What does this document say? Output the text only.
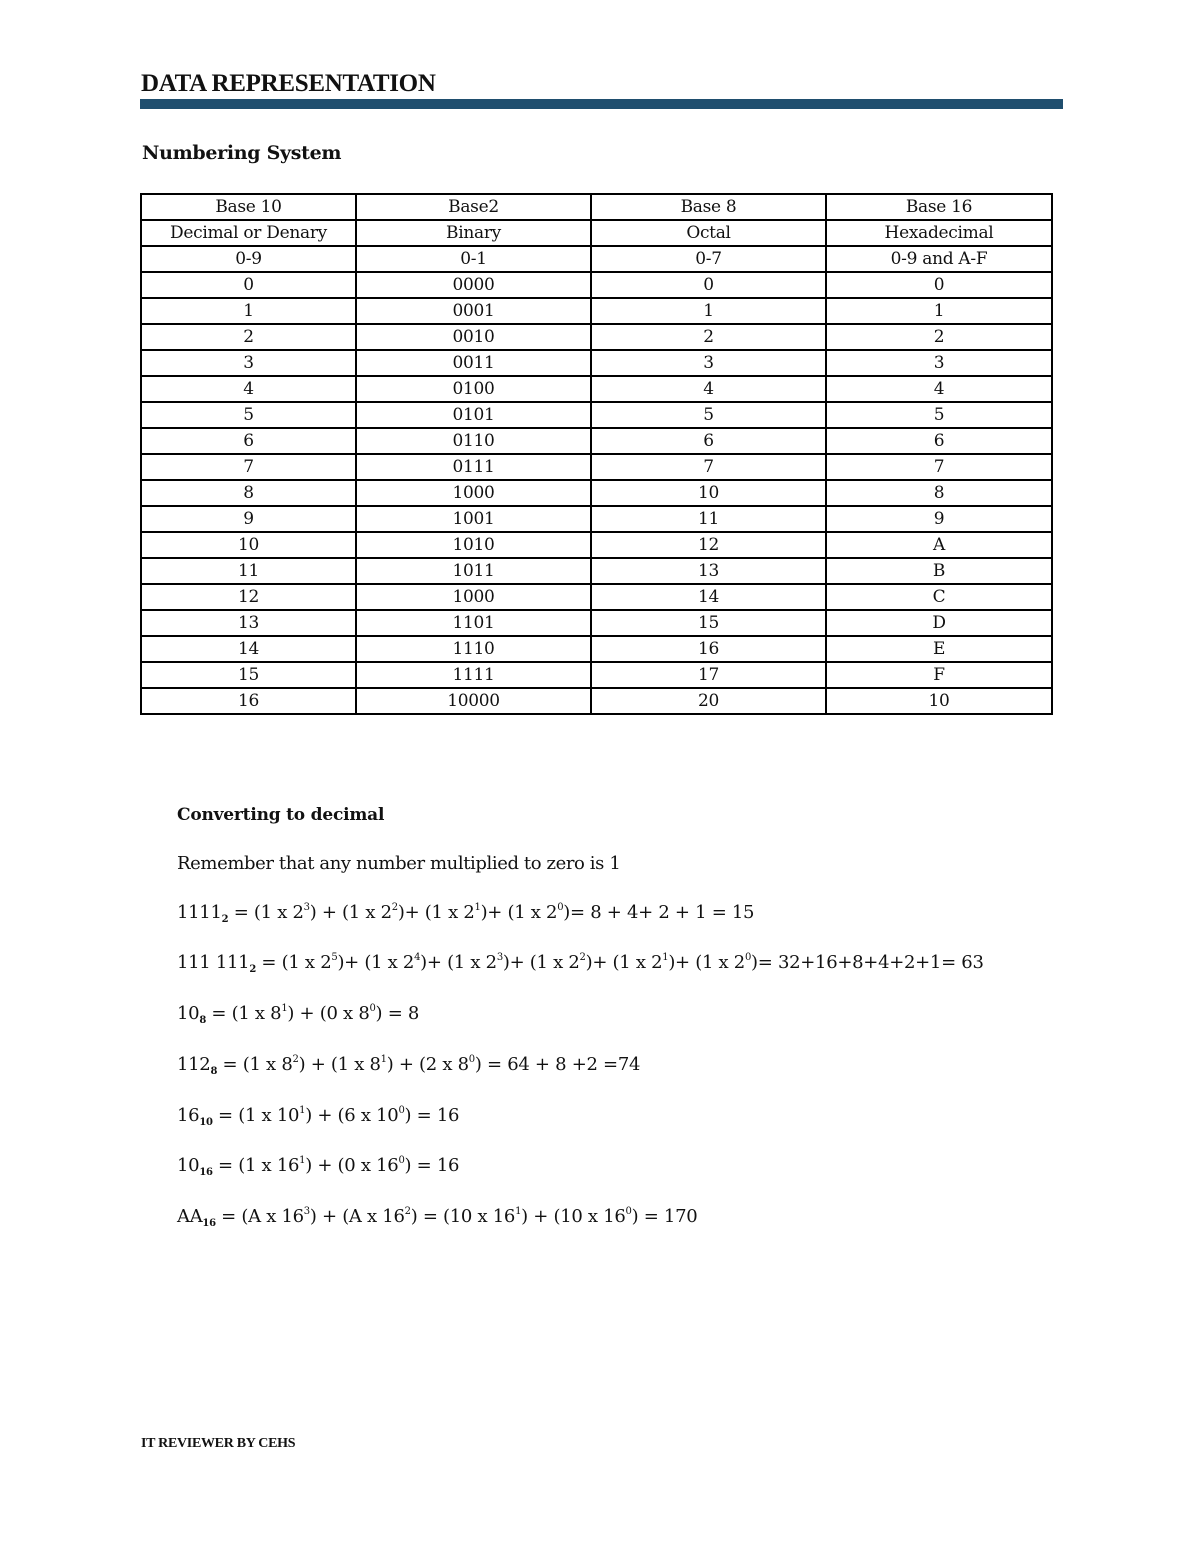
DATA REPRESENTATION
Numbering System
Base 10	Base2	Base 8	Base 16
Decimal or Denary	Binary	Octal	Hexadecimal
0-9	0-1	0-7	0-9 and A-F
0	0000	0	0
1	0001	1	1
2	0010	2	2
3	0011	3	3
4	0100	4	4
5	0101	5	5
6	0110	6	6
7	0111	7	7
8	1000	10	8
9	1001	11	9
10	1010	12	A
11	1011	13	B
12	1000	14	C
13	1101	15	D
14	1110	16	E
15	1111	17	F
16	10000	20	10
Converting to decimal
Remember that any number multiplied to zero is 1
$1111_2 = (1$ x $2^3) + (1$ x $2^2)+ (1$ x $2^1)+ (1$ x $2^0)= 8 + 4+ 2 + 1 = 15$
111 $111_2 = (1$ x $2^5)+ (1$ x $2^4)+ (1$ x $2^3)+ (1$ x $2^2)+ (1$ x $2^1)+ (1$ x $2^0)= 32+16+8+4+2+1= 63$
$10_8 = (1$ x $8^1) + (0$ x $8^0) = 8$
$112_8 = (1$ x $8^2) + (1$ x $8^1) + (2$ x $8^0) = 64 + 8 +2 =74$
$16_{10} = (1$ x $10^1) + (6$ x $10^0) = 16$
$10_{16} = (1$ x $16^1) + (0$ x $16^0) = 16$
$AA_{16} = (A$ x $16^3) + (A$ x $16^2) = (10$ x $16^1) + (10$ x $16^0) = 170$
IT REVIEWER BY CEHS
